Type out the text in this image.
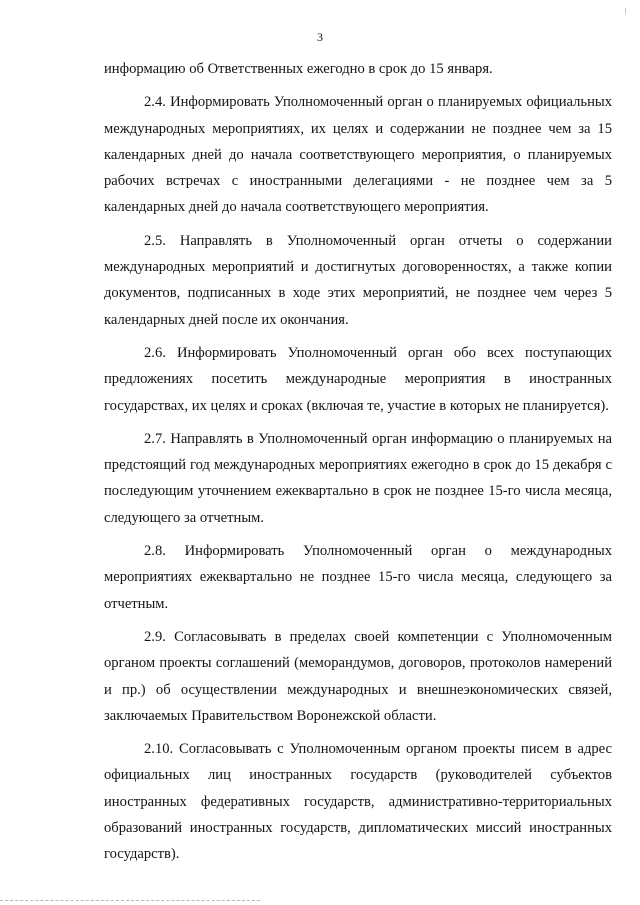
3

информацию об Ответственных ежегодно в срок до 15 января.

2.4. Информировать Уполномоченный орган о планируемых официальных международных мероприятиях, их целях и содержании не позднее чем за 15 календарных дней до начала соответствующего мероприятия, о планируемых рабочих встречах с иностранными делегациями - не позднее чем за 5 календарных дней до начала соответствующего мероприятия.

2.5. Направлять в Уполномоченный орган отчеты о содержании международных мероприятий и достигнутых договоренностях, а также копии документов, подписанных в ходе этих мероприятий, не позднее чем через 5 календарных дней после их окончания.

2.6. Информировать Уполномоченный орган обо всех поступающих предложениях посетить международные мероприятия в иностранных государствах, их целях и сроках (включая те, участие в которых не планируется).

2.7. Направлять в Уполномоченный орган информацию о планируемых на предстоящий год международных мероприятиях ежегодно в срок до 15 декабря с последующим уточнением ежеквартально в срок не позднее 15-го числа месяца, следующего за отчетным.

2.8. Информировать Уполномоченный орган о международных мероприятиях ежеквартально не позднее 15-го числа месяца, следующего за отчетным.

2.9. Согласовывать в пределах своей компетенции с Уполномоченным органом проекты соглашений (меморандумов, договоров, протоколов намерений и пр.) об осуществлении международных и внешнеэкономических связей, заключаемых Правительством Воронежской области.

2.10. Согласовывать с Уполномоченным органом проекты писем в адрес официальных лиц иностранных государств (руководителей субъектов иностранных федеративных государств, административно-территориальных образований иностранных государств, дипломатических миссий иностранных государств).
